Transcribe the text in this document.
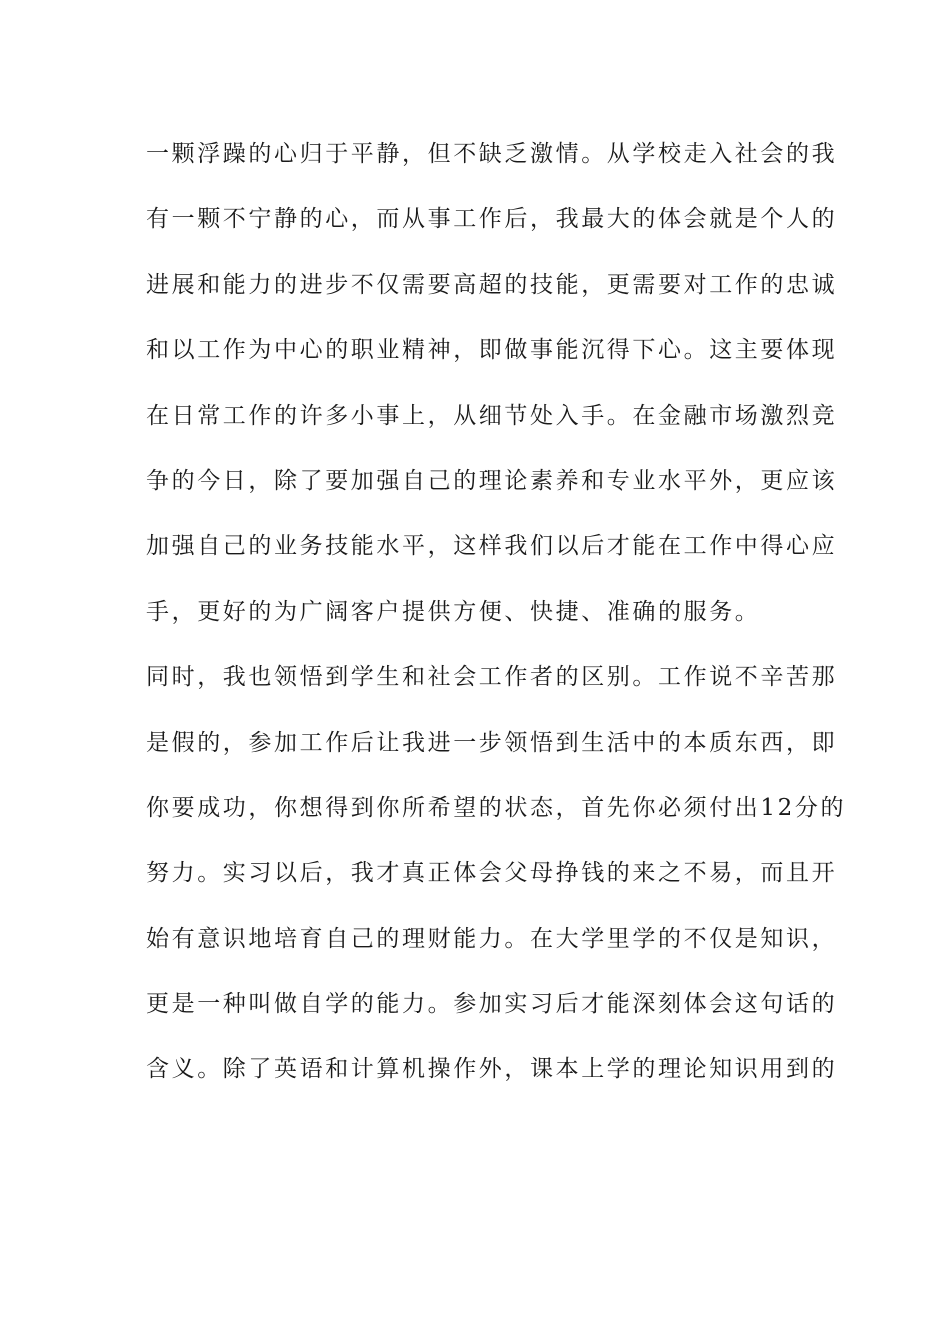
一颗浮躁的心归于平静，但不缺乏激情。从学校走入社会的我
有一颗不宁静的心，而从事工作后，我最大的体会就是个人的
进展和能力的进步不仅需要高超的技能，更需要对工作的忠诚
和以工作为中心的职业精神，即做事能沉得下心。这主要体现
在日常工作的许多小事上，从细节处入手。在金融市场激烈竞
争的今日，除了要加强自己的理论素养和专业水平外，更应该
加强自己的业务技能水平，这样我们以后才能在工作中得心应
手，更好的为广阔客户提供方便、快捷、准确的服务。
同时，我也领悟到学生和社会工作者的区别。工作说不辛苦那
是假的，参加工作后让我进一步领悟到生活中的本质东西，即
你要成功，你想得到你所希望的状态，首先你必须付出12分的
努力。实习以后，我才真正体会父母挣钱的来之不易，而且开
始有意识地培育自己的理财能力。在大学里学的不仅是知识，
更是一种叫做自学的能力。参加实习后才能深刻体会这句话的
含义。除了英语和计算机操作外，课本上学的理论知识用到的
